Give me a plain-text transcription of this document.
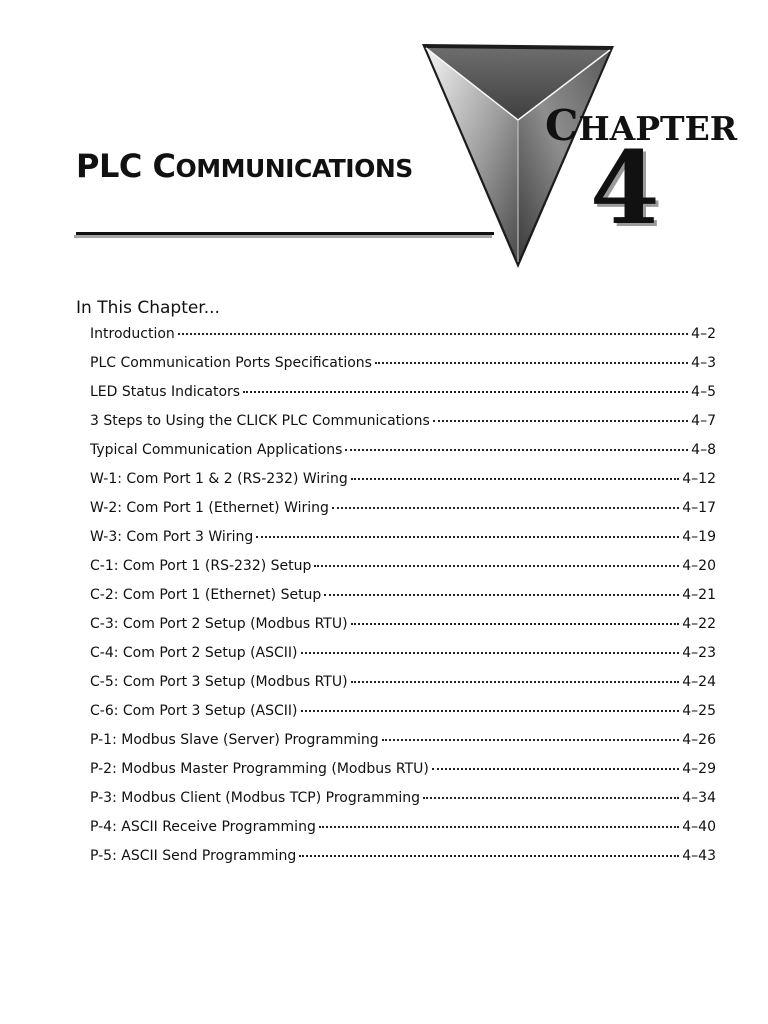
PLC COMMUNICATIONS
CHAPTER
4
In This Chapter...
Introduction	4–2
PLC Communication Ports Specifications	4–3
LED Status Indicators	4–5
3 Steps to Using the CLICK PLC Communications	4–7
Typical Communication Applications	4–8
W-1: Com Port 1 & 2 (RS-232) Wiring	4–12
W-2: Com Port 1 (Ethernet) Wiring	4–17
W-3: Com Port 3 Wiring	4–19
C-1: Com Port 1 (RS-232) Setup	4–20
C-2: Com Port 1 (Ethernet) Setup	4–21
C-3: Com Port 2 Setup (Modbus RTU)	4–22
C-4: Com Port 2 Setup (ASCII)	4–23
C-5: Com Port 3 Setup (Modbus RTU)	4–24
C-6: Com Port 3 Setup (ASCII)	4–25
P-1: Modbus Slave (Server) Programming	4–26
P-2: Modbus Master Programming (Modbus RTU)	4–29
P-3: Modbus Client (Modbus TCP) Programming	4–34
P-4: ASCII Receive Programming	4–40
P-5: ASCII Send Programming	4–43
